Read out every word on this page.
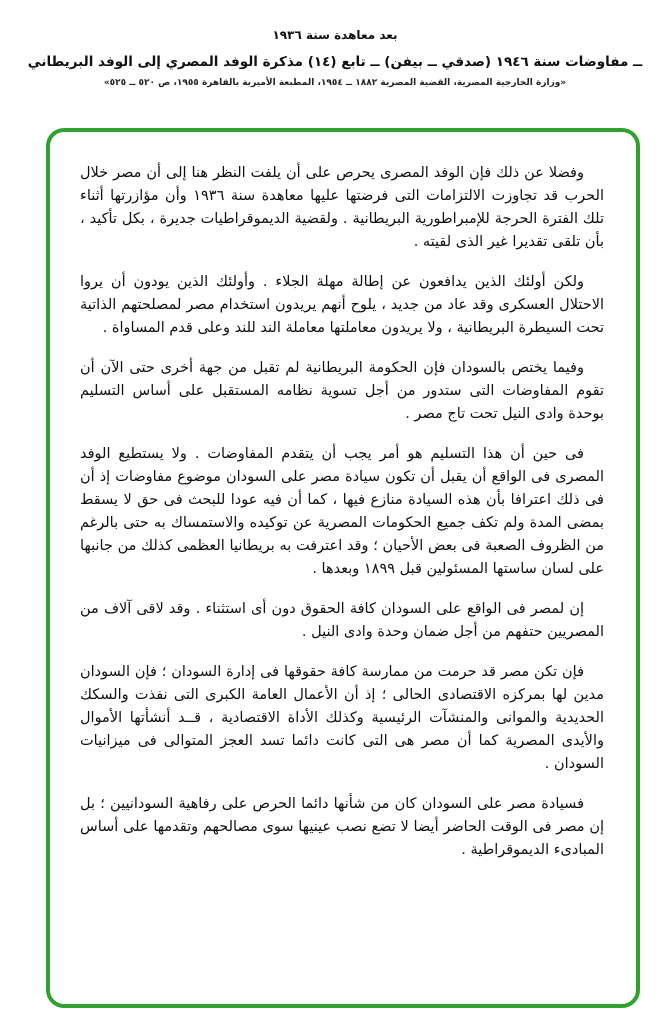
بعد معاهدة سنة ١٩٣٦
ــ مفاوضات سنة ١٩٤٦ (صدقي ــ بيفن) ــ تابع (١٤) مذكرة الوفد المصري إلى الوفد البريطاني
«وزارة الخارجية المصرية، القضية المصرية ١٨٨٢ ــ ١٩٥٤، المطبعة الأميرية بالقاهرة ١٩٥٥، ص ٥٢٠ ــ ٥٢٥»

وفضلا عن ذلك فإن الوفد المصرى يحرص على أن يلفت النظر هنا إلى أن مصر خلال الحرب قد تجاوزت الالتزامات التى فرضتها عليها معاهدة سنة ١٩٣٦ وأن مؤازرتها أثناء تلك الفترة الحرجة للإمبراطورية البريطانية . ولقضية الديموقراطيات جديرة ، بكل تأكيد ، بأن تلقى تقديرا غير الذى لقيته .

ولكن أولئك الذين يدافعون عن إطالة مهلة الجلاء . وأولئك الذين يودون أن يروا الاحتلال العسكرى وقد عاد من جديد ، يلوح أنهم يريدون استخدام مصر لمصلحتهم الذاتية تحت السيطرة البريطانية ، ولا يريدون معاملتها معاملة الند للند وعلى قدم المساواة .

وفيما يختص بالسودان فإن الحكومة البريطانية لم تقبل من جهة أخرى حتى الآن أن تقوم المفاوضات التى ستدور من أجل تسوية نظامه المستقبل على أساس التسليم بوحدة وادى النيل تحت تاج مصر .

فى حين أن هذا التسليم هو أمر يجب أن يتقدم المفاوضات . ولا يستطيع الوفد المصرى فى الواقع أن يقبل أن تكون سيادة مصر على السودان موضوع مفاوضات إذ أن فى ذلك اعترافا بأن هذه السيادة منازع فيها ، كما أن فيه عودا للبحث فى حق لا يسقط بمضى المدة ولم تكف جميع الحكومات المصرية عن توكيده والاستمساك به حتى بالرغم من الظروف الصعبة فى بعض الأحيان ؛ وقد اعترفت به بريطانيا العظمى كذلك من جانبها على لسان ساستها المسئولين قبل ١٨٩٩ وبعدها .

إن لمصر فى الواقع على السودان كافة الحقوق دون أى استثناء . وقد لاقى آلاف من المصريين حتفهم من أجل ضمان وحدة وادى النيل .

فإن تكن مصر قد حرمت من ممارسة كافة حقوقها فى إدارة السودان ؛ فإن السودان مدين لها بمركزه الاقتصادى الحالى ؛ إذ أن الأعمال العامة الكبرى التى نفذت والسكك الحديدية والموانى والمنشآت الرئيسية وكذلك الأداة الاقتصادية ، قــد أنشأتها الأموال والأيدى المصرية كما أن مصر هى التى كانت دائما تسد العجز المتوالى فى ميزانيات السودان .

فسيادة مصر على السودان كان من شأنها دائما الحرص على رفاهية السودانيين ؛ بل إن مصر فى الوقت الحاضر أيضا لا تضع نصب عينيها سوى مصالحهم وتقدمها على أساس المبادىء الديموقراطية .
